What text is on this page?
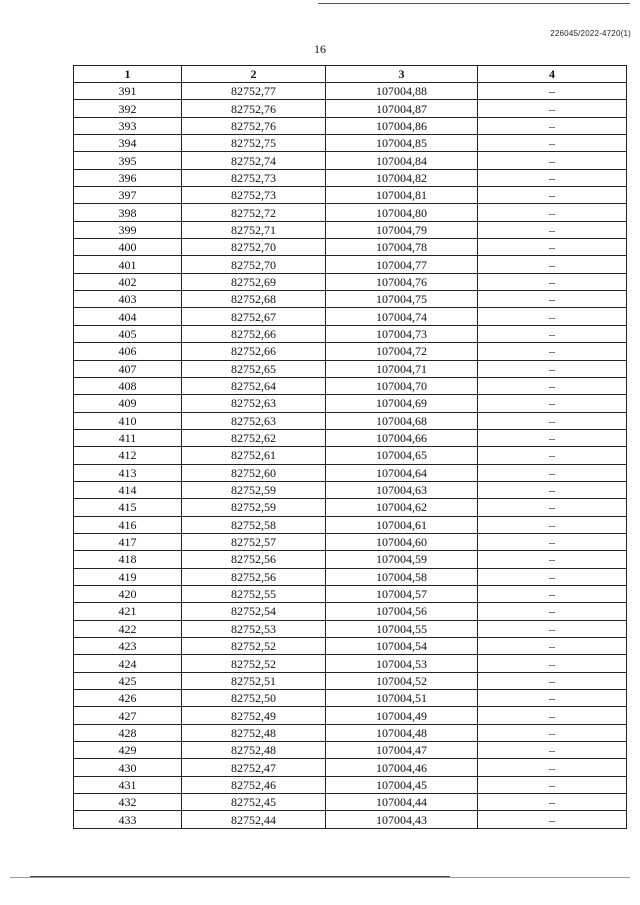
226045/2022-4720(1)
16
1	2	3	4
391	82752,77	107004,88	–
392	82752,76	107004,87	–
393	82752,76	107004,86	–
394	82752,75	107004,85	–
395	82752,74	107004,84	–
396	82752,73	107004,82	–
397	82752,73	107004,81	–
398	82752,72	107004,80	–
399	82752,71	107004,79	–
400	82752,70	107004,78	–
401	82752,70	107004,77	–
402	82752,69	107004,76	–
403	82752,68	107004,75	–
404	82752,67	107004,74	–
405	82752,66	107004,73	–
406	82752,66	107004,72	–
407	82752,65	107004,71	–
408	82752,64	107004,70	–
409	82752,63	107004,69	–
410	82752,63	107004,68	–
411	82752,62	107004,66	–
412	82752,61	107004,65	–
413	82752,60	107004,64	–
414	82752,59	107004,63	–
415	82752,59	107004,62	–
416	82752,58	107004,61	–
417	82752,57	107004,60	–
418	82752,56	107004,59	–
419	82752,56	107004,58	–
420	82752,55	107004,57	–
421	82752,54	107004,56	–
422	82752,53	107004,55	–
423	82752,52	107004,54	–
424	82752,52	107004,53	–
425	82752,51	107004,52	–
426	82752,50	107004,51	–
427	82752,49	107004,49	–
428	82752,48	107004,48	–
429	82752,48	107004,47	–
430	82752,47	107004,46	–
431	82752,46	107004,45	–
432	82752,45	107004,44	–
433	82752,44	107004,43	–
